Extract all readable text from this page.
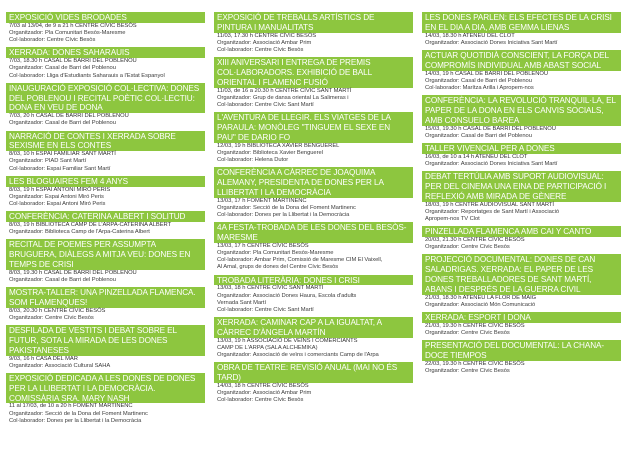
EXPOSICIÓ VIDES BRODADES
7/03 al 13/04, de 9 a 21 h CENTRE CÍVIC BESÒS
Organitzador: Pla Comunitari Besòs-Maresme
Col·laborador: Centre Cívic Besòs
XERRADA: DONES SAHARAUIS
7/03, 18.30 h CASAL DE BARRI DEL POBLENOU
Organitzador: Casal de Barri del Poblenou
Col·laborador: Lliga d'Estudiants Saharauis a l'Estat Espanyol
INAUGURACIÓ EXPOSICIÓ COL·LECTIVA: DONES DEL POBLENOU I RECITAL POÈTIC COL·LECTIU: DONA EN VEU DE DONA
7/03, 20 h CASAL DE BARRI DEL POBLENOU
Organitzador: Casal de Barri del Poblenou
NARRACIÓ DE CONTES I XERRADA SOBRE SEXISME EN ELS CONTES
8/03, 10 h ESPAI FAMILIAR SANT MARTÍ
Organitzador: PIAD Sant Martí
Col·laborador: Espai Familiar Sant Martí
LES BLOGUAIRES FEM 4 ANYS
8/03, 19 h ESPAI ANTONI MIRÓ PERIS
Organitzador: Espai Antoni Miró Peris
Col·laborador: Espai Antoni Miró Peris
CONFERÈNCIA: CATERINA ALBERT I SOLITUD
8/03, 19 h BIBLIOTECA CAMP DE L'ARPA-CATERINA ALBERT
Organitzador: Biblioteca Camp de l'Arpa-Caterina Albert
RECITAL DE POEMES PER ASSUMPTA BRUGUERA, DIÀLEGS A MITJA VEU: DONES EN TEMPS DE CRISI
8/03, 19.30 h CASAL DE BARRI DEL POBLENOU
Organitzador: Casal de Barri del Poblenou
MOSTRA-TALLER: UNA PINZELLADA FLAMENCA. SOM FLAMENQUES!
8/03, 20.30 h CENTRE CÍVIC BESÒS
Organitzador: Centre Cívic Besòs
DESFILADA DE VESTITS I DEBAT SOBRE EL FUTUR, SOTA LA MIRADA DE LES DONES PAKISTANESES
9/03, 16 h CASA DEL MAR
Organitzador: Associació Cultural SAHA
EXPOSICIÓ DEDICADA A LES DONES DE DONES PER LA LLIBERTAT I LA DEMOCRÀCIA. COMISSÀRIA SRA. MARY NASH
11 al 17/03, de 10 a 20 h FOMENT MARTINENC
Organitzador: Secció de la Dona del Foment Martinenc
Col·laborador: Dones per la Llibertat i la Democràcia
EXPOSICIÓ DE TREBALLS ARTÍSTICS DE PINTURA I MANUALITATS
11/03, 17.30 h CENTRE CÍVIC BESÒS
Organitzador: Associació Ambar Prim
Col·laborador: Centre Cívic Besòs
XIII ANIVERSARI I ENTREGA DE PREMIS COL·LABORADORS. EXHIBICIÓ DE BALL ORIENTAL I FLAMENC FUSIÓ
11/03, de 16 a 20.30 h CENTRE CÍVIC SANT MARTÍ
Organitzador: Grup de dansa oriental La Salimeras i
Col·laborador: Centre Cívic Sant Martí
L'AVENTURA DE LLEGIR. ELS VIATGES DE LA PARAULA: MONÒLEG "TINGUEM EL SEXE EN PAU" DE DARIO FO
12/03, 19 h BIBLIOTECA XAVIER BENGUEREL
Organitzador: Biblioteca Xavier Benguerel
Col·laborador: Helena Dutor
CONFERÈNCIA A CÀRREC DE JOAQUIMA ALEMANY, PRESIDENTA DE DONES PER LA LLIBERTAT I LA DEMOCRÀCIA
13/03, 17 h FOMENT MARTINENC
Organitzador: Secció de la Dona del Foment Martinenc
Col·laborador: Dones per la Llibertat i la Democràcia
4A FESTA-TROBADA DE LES DONES DEL BESÒS-MARESME
13/03, 17 h CENTRE CÍVIC BESÒS
Organitzador: Pla Comunitari Besòs-Maresme
Col·laborador: Ambar Prim, Comissió de Maresme CIM El Vaixell,
Al Amal, grups de dones del Centre Cívic Besòs
TROBADA LITERÀRIA: DONES I CRISI
13/03, 18 h CENTRE CÍVIC SANT MARTÍ
Organitzador: Associació Dones Haura, Escola d'adults
Vernada Sant Martí
Col·laborador: Centre Cívic Sant Martí
XERRADA: CAMINAR CAP A LA IGUALTAT, A CÀRREC D'ÀNGELA MARTÍN
13/03, 19 h ASSOCIACIÓ DE VEÏNS I COMERCIANTS
CAMP DE L'ARPA (SALA ALCHEMIKA)
Organitzador: Associació de veïns i comerciants Camp de l'Arpa
OBRA DE TEATRE: REVISIÓ ANUAL (MAI NO ÉS TARD)
14/03, 18 h CENTRE CÍVIC BESÒS
Organitzador: Associació Ambar Prim
Col·laborador: Centre Cívic Besòs
LES DONES PARLEN: ELS EFECTES DE LA CRISI EN EL DIA A DIA, AMB GEMMA LIENAS
14/03, 18.30 h ATENEU DEL CLOT
Organitzador: Associació Dones Iniciativa Sant Martí
ACTUAR QUOTIDIÀ CONSCIENT, LA FORÇA DEL COMPROMÍS INDIVIDUAL AMB ABAST SOCIAL
14/03, 19 h CASAL DE BARRI DEL POBLENOU
Organitzador: Casal de Barri del Poblenou
Col·laborador: Marítza Arilla i Apropem-nos
CONFERÈNCIA: LA REVOLUCIÓ TRANQUIL·LA, EL PAPER DE LA DONA EN ELS CANVIS SOCIALS, AMB CONSUELO BAREA
15/03, 19.30 h CASAL DE BARRI DEL POBLENOU
Organitzador: Casal de Barri del Poblenou
TALLER VIVENCIAL PER A DONES
16/03, de 10 a 14 h ATENEU DEL CLOT
Organitzador: Associació Dones Iniciativa Sant Martí
DEBAT TERTÚLIA AMB SUPORT AUDIOVISUAL: PER DEL CINEMA UNA EINA DE PARTICIPACIÓ I REFLEXIÓ AMB MIRADA DE GÈNERE
18/03, 19 h CENTRE AUDIOVISUAL SANT MARTÍ
Organitzador: Reportatges de Sant Martí i Associació
Apropem-nos TV Clot
PINZELLADA FLAMENCA AMB CAI Y CANTO
20/03, 21.30 h CENTRE CÍVIC BESÒS
Organitzador: Centre Cívic Besòs
PROJECCIÓ DOCUMENTAL: DONES DE CAN SALADRIGAS. XERRADA: EL PAPER DE LES DONES TREBALLADORES DE SANT MARTÍ, ABANS I DESPRÉS DE LA GUERRA CIVIL
21/03, 18.30 h ATENEU LA FLOR DE MAIG
Organitzador: Associació Món Comunicació
XERRADA: ESPORT I DONA
21/03, 19.30 h CENTRE CÍVIC BESÒS
Organitzador: Centre Cívic Besòs
PRESENTACIÓ DEL DOCUMENTAL: LA CHANA-DOCE TIEMPOS
22/03, 19.30 h CENTRE CÍVIC BESÒS
Organitzador: Centre Cívic Besòs
